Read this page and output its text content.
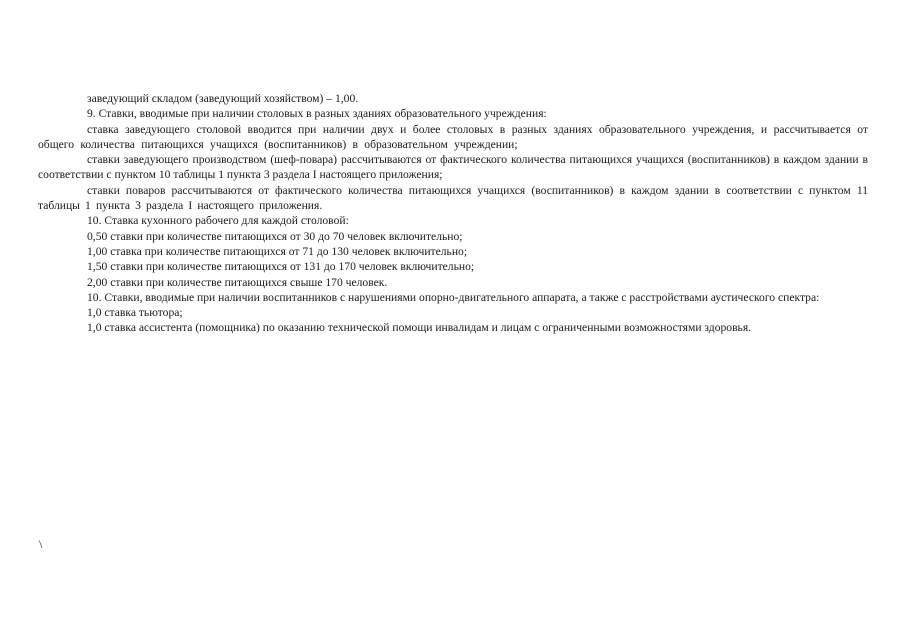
заведующий складом (заведующий хозяйством) – 1,00.

9. Ставки, вводимые при наличии столовых в разных зданиях образовательного учреждения:

ставка заведующего столовой вводится при наличии двух и более столовых в разных зданиях образовательного учреждения, и рассчитывается от общего количества питающихся учащихся (воспитанников) в образовательном учреждении;

ставки заведующего производством (шеф-повара) рассчитываются от фактического количества питающихся учащихся (воспитанников) в каждом здании в соответствии с пунктом 10 таблицы 1 пункта 3 раздела I настоящего приложения;

ставки поваров рассчитываются от фактического количества питающихся учащихся (воспитанников) в каждом здании в соответствии с пунктом 11 таблицы 1 пункта 3 раздела I настоящего приложения.

10. Ставка кухонного рабочего для каждой столовой:

0,50 ставки при количестве питающихся от 30 до 70 человек включительно;

1,00 ставка при количестве питающихся от 71 до 130 человек включительно;

1,50 ставки при количестве питающихся от 131 до 170 человек включительно;

2,00 ставки при количестве питающихся свыше 170 человек.

10. Ставки, вводимые при наличии воспитанников с нарушениями опорно-двигательного аппарата, а также с расстройствами аустического спектра:

1,0 ставка тьютора;

1,0 ставка ассистента (помощника) по оказанию технической помощи инвалидам и лицам с ограниченными возможностями здоровья.

\
